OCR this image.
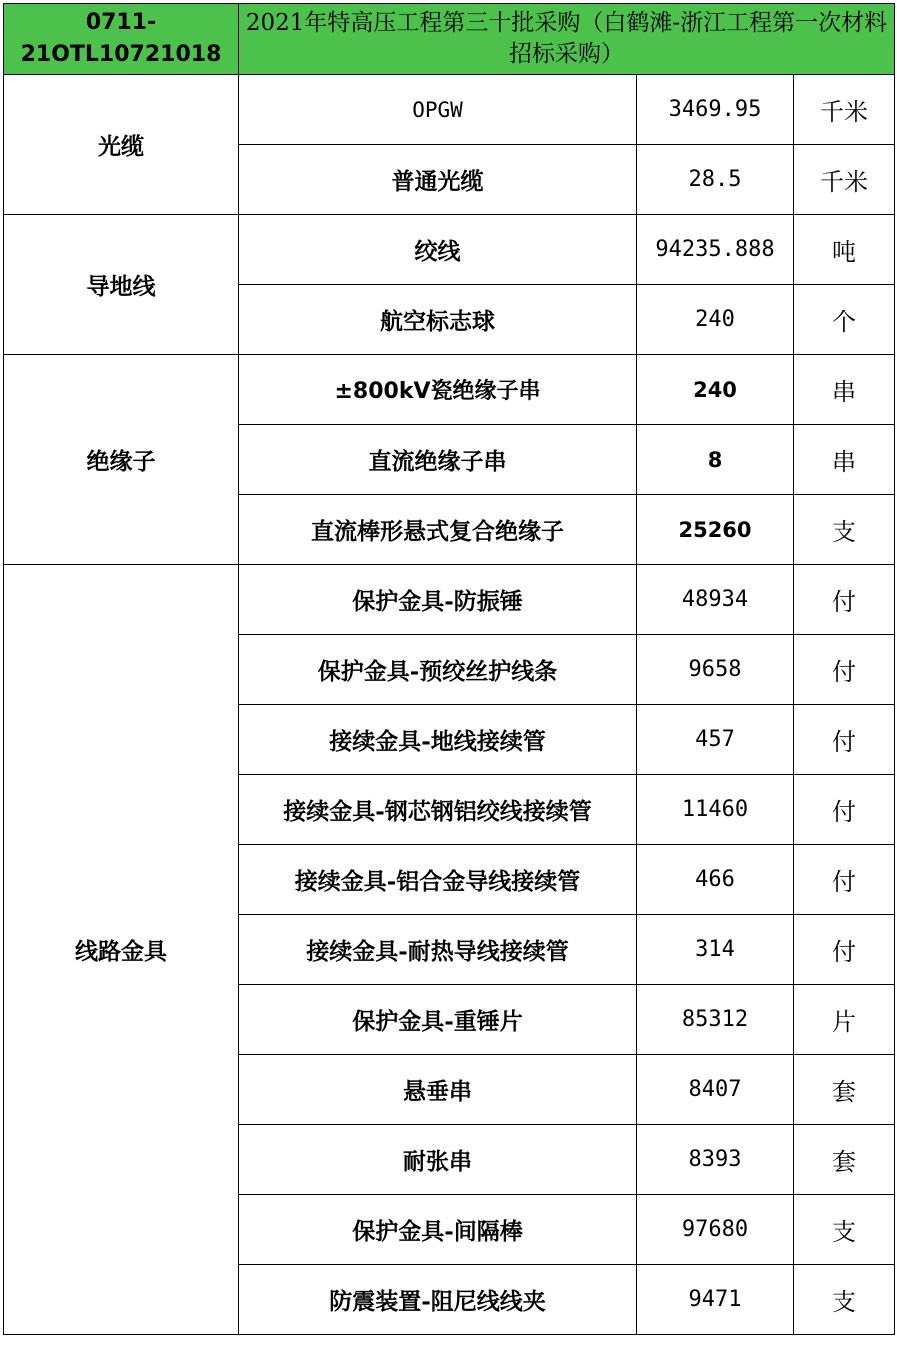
0711-21OTL10721018	2021年特高压工程第三十批采购（白鹤滩-浙江工程第一次材料招标采购）		
光缆	OPGW	3469.95	千米
	普通光缆	28.5	千米
导地线	绞线	94235.888	吨
	航空标志球	240	个
绝缘子	±800kV瓷绝缘子串	240	串
	直流绝缘子串	8	串
	直流棒形悬式复合绝缘子	25260	支
线路金具	保护金具-防振锤	48934	付
	保护金具-预绞丝护线条	9658	付
	接续金具-地线接续管	457	付
	接续金具-钢芯钢铝绞线接续管	11460	付
	接续金具-铝合金导线接续管	466	付
	接续金具-耐热导线接续管	314	付
	保护金具-重锤片	85312	片
	悬垂串	8407	套
	耐张串	8393	套
	保护金具-间隔棒	97680	支
	防震装置-阻尼线线夹	9471	支
